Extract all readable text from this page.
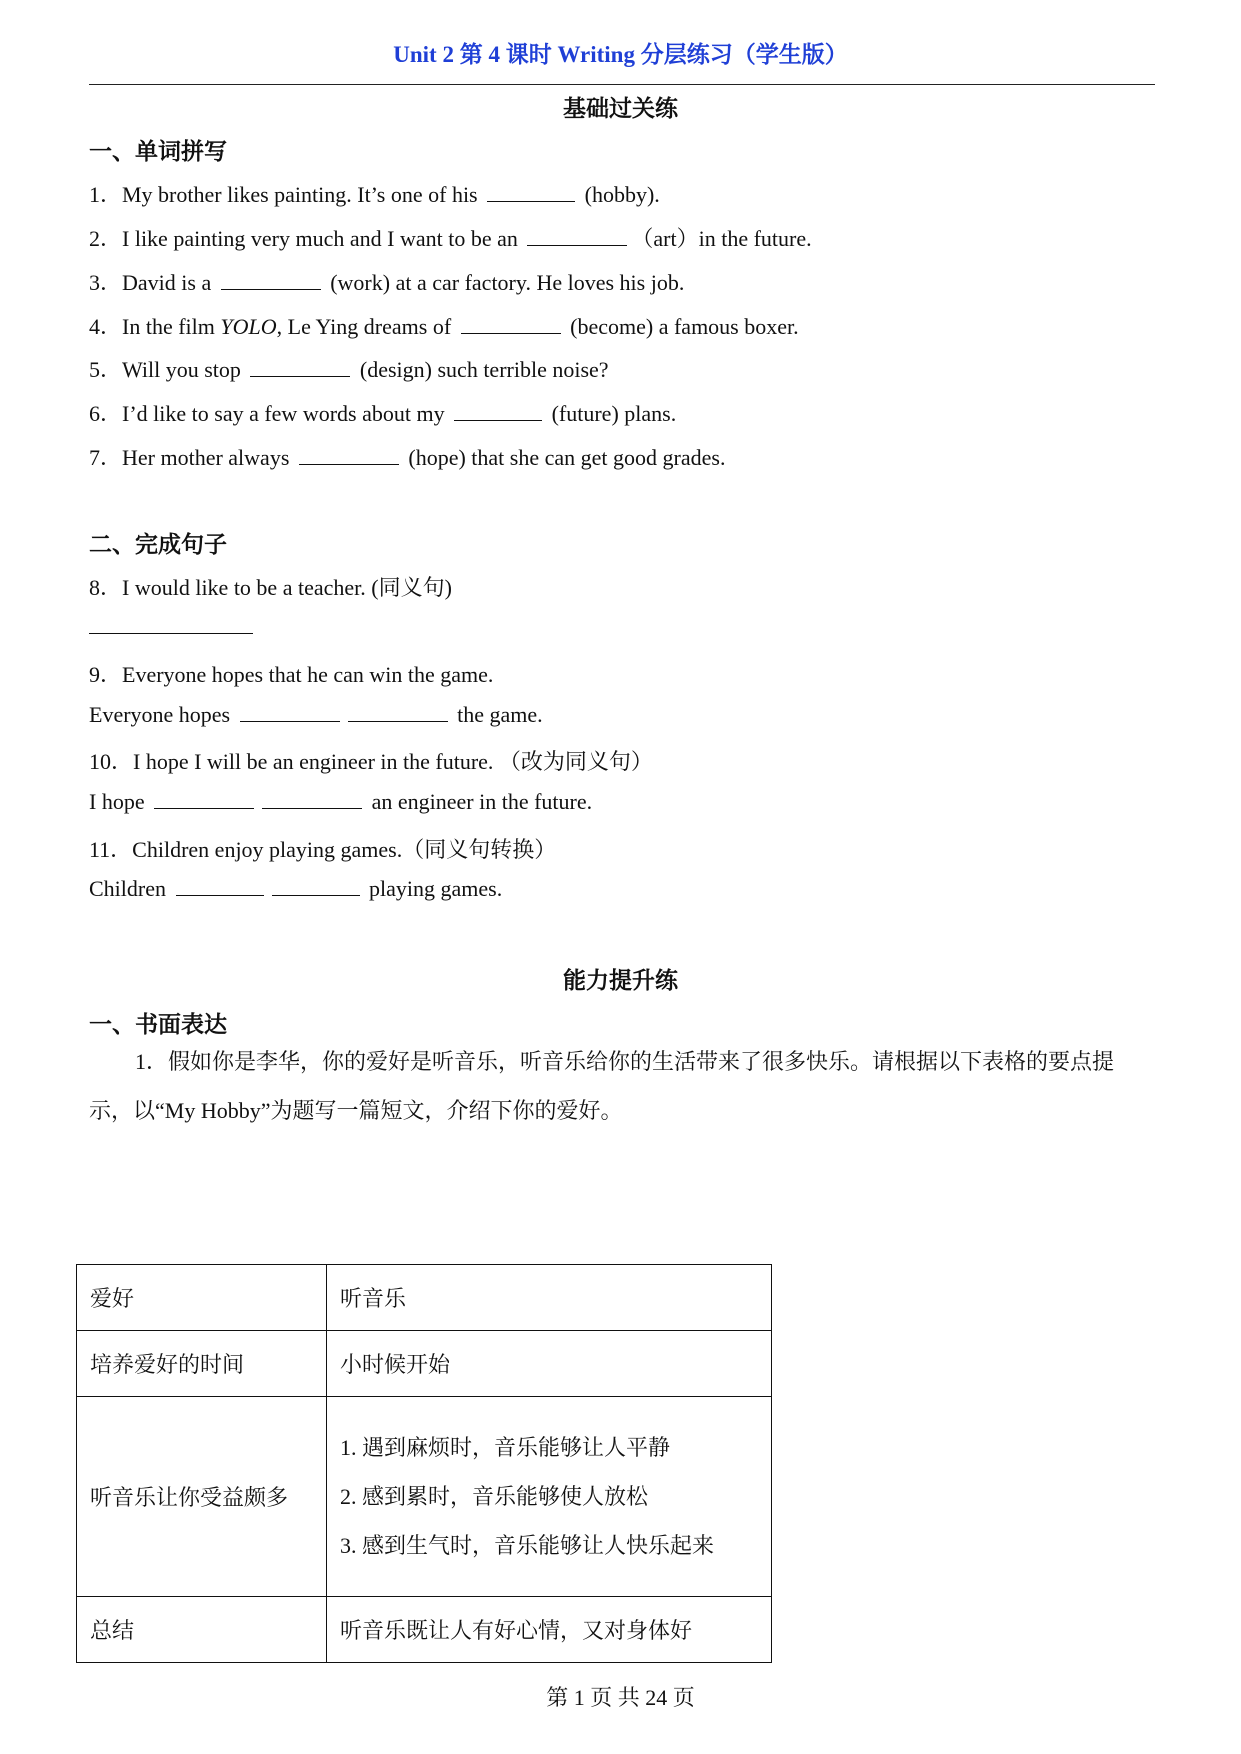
Unit 2 第 4 课时 Writing 分层练习（学生版）
基础过关练
一、单词拼写
1．My brother likes painting. It’s one of his	(hobby).
2．I like painting very much and I want to be an	（art）in the future.
3．David is a	(work) at a car factory. He loves his job.
4．In the film YOLO, Le Ying dreams of	(become) a famous boxer.
5．Will you stop	(design) such terrible noise?
6．I’d like to say a few words about my	(future) plans.
7．Her mother always	(hope) that she can get good grades.
二、完成句子
8．I would like to be a teacher. (同义句)
9．Everyone hopes that he can win the game.
Everyone hopes	the game.
10．I hope I will be an engineer in the future. （改为同义句）
I hope	an engineer in the future.
11．Children enjoy playing games.（同义句转换）
Children	playing games.
能力提升练
一、书面表达
1．假如你是李华，你的爱好是听音乐，听音乐给你的生活带来了很多快乐。请根据以下表格的要点提示，以“My Hobby”为题写一篇短文，介绍下你的爱好。
爱好	听音乐
培养爱好的时间	小时候开始
听音乐让你受益颇多	1. 遇到麻烦时，音乐能够让人平静
2. 感到累时，音乐能够使人放松
3. 感到生气时，音乐能够让人快乐起来

总结	听音乐既让人有好心情，又对身体好
第 1 页 共 24 页
